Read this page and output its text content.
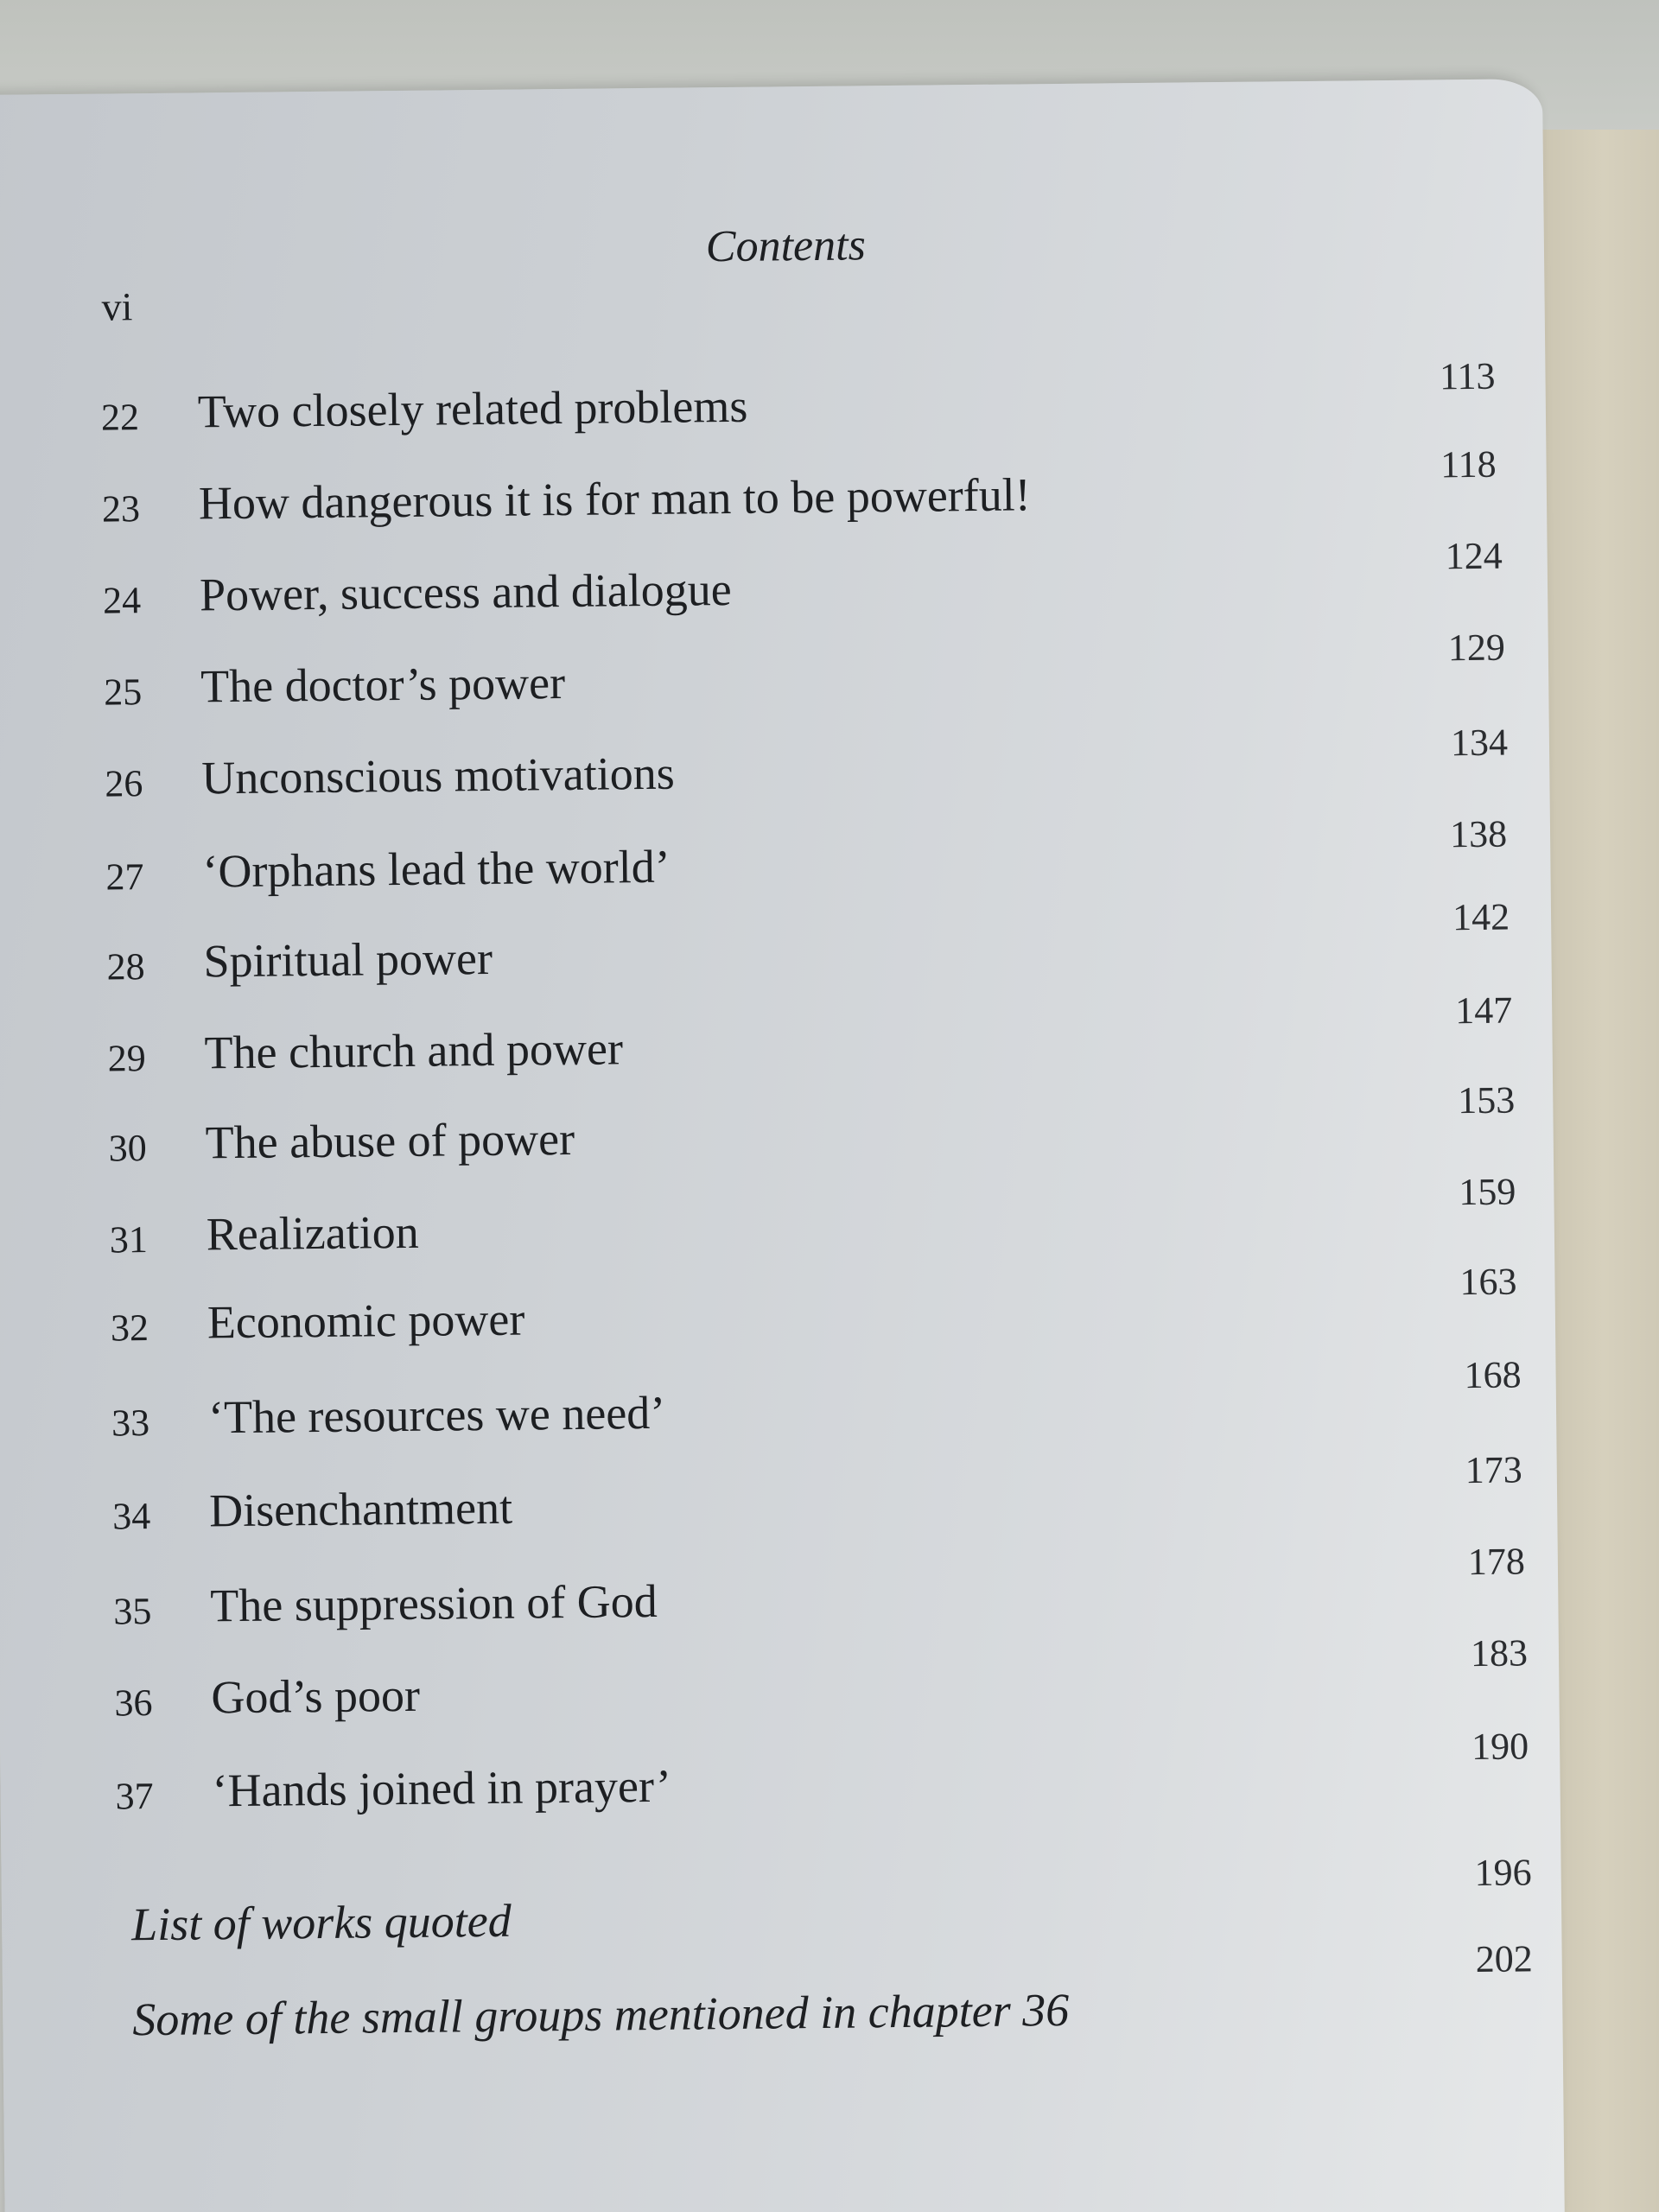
Contents
vi
22 Two closely related problems
113
23 How dangerous it is for man to be powerful!
118
24 Power, success and dialogue
124
25 The doctor’s power
129
26 Unconscious motivations
134
27 ‘Orphans lead the world’
138
28 Spiritual power
142
29 The church and power
147
30 The abuse of power
153
31 Realization
159
32 Economic power
163
33 ‘The resources we need’
168
34 Disenchantment
173
35 The suppression of God
178
36 God’s poor
183
37 ‘Hands joined in prayer’
190
List of works quoted
196
Some of the small groups mentioned in chapter 36
202
